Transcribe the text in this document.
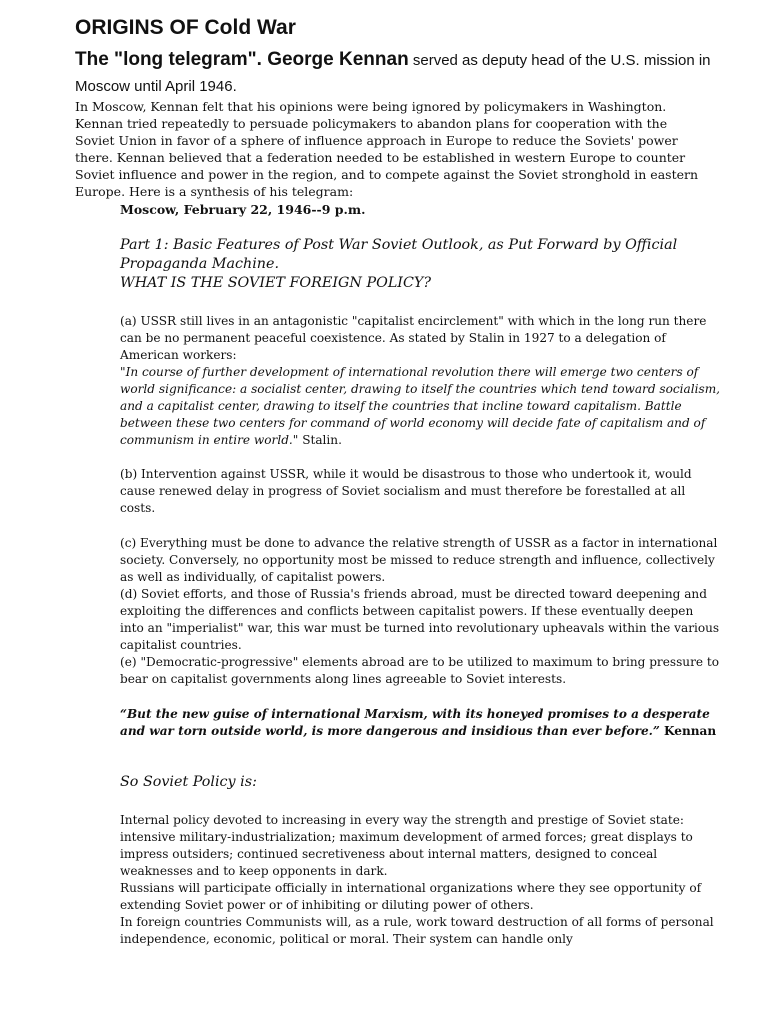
ORIGINS OF Cold War
The "long telegram". George Kennan served as deputy head of the U.S. mission in Moscow until April 1946.
In Moscow, Kennan felt that his opinions were being ignored by policymakers in Washington. Kennan tried repeatedly to persuade policymakers to abandon plans for cooperation with the Soviet Union in favor of a sphere of influence approach in Europe to reduce the Soviets' power there. Kennan believed that a federation needed to be established in western Europe to counter Soviet influence and power in the region, and to compete against the Soviet stronghold in eastern Europe. Here is a synthesis of his telegram:
Moscow, February 22, 1946--9 p.m.
Part 1: Basic Features of Post War Soviet Outlook, as Put Forward by Official Propaganda Machine.
WHAT IS THE SOVIET FOREIGN POLICY?

(a) USSR still lives in an antagonistic "capitalist encirclement" with which in the long run there can be no permanent peaceful coexistence. As stated by Stalin in 1927 to a delegation of American workers:

"In course of further development of international revolution there will emerge two centers of world significance: a socialist center, drawing to itself the countries which tend toward socialism, and a capitalist center, drawing to itself the countries that incline toward capitalism. Battle between these two centers for command of world economy will decide fate of capitalism and of communism in entire world." Stalin.

(b) Intervention against USSR, while it would be disastrous to those who undertook it, would cause renewed delay in progress of Soviet socialism and must therefore be forestalled at all costs.

(c) Everything must be done to advance the relative strength of USSR as a factor in international society. Conversely, no opportunity most be missed to reduce strength and influence, collectively as well as individually, of capitalist powers.

(d) Soviet efforts, and those of Russia's friends abroad, must be directed toward deepening and exploiting the differences and conflicts between capitalist powers. If these eventually deepen into an "imperialist" war, this war must be turned into revolutionary upheavals within the various capitalist countries.

(e) "Democratic-progressive" elements abroad are to be utilized to maximum to bring pressure to bear on capitalist governments along lines agreeable to Soviet interests.

“But the new guise of international Marxism, with its honeyed promises to a desperate and war torn outside world, is more dangerous and insidious than ever before.” Kennan
So Soviet Policy is:

Internal policy devoted to increasing in every way the strength and prestige of Soviet state: intensive military-industrialization; maximum development of armed forces; great displays to impress outsiders; continued secretiveness about internal matters, designed to conceal weaknesses and to keep opponents in dark.

Russians will participate officially in international organizations where they see opportunity of extending Soviet power or of inhibiting or diluting power of others.

In foreign countries Communists will, as a rule, work toward destruction of all forms of personal independence, economic, political or moral. Their system can handle only
